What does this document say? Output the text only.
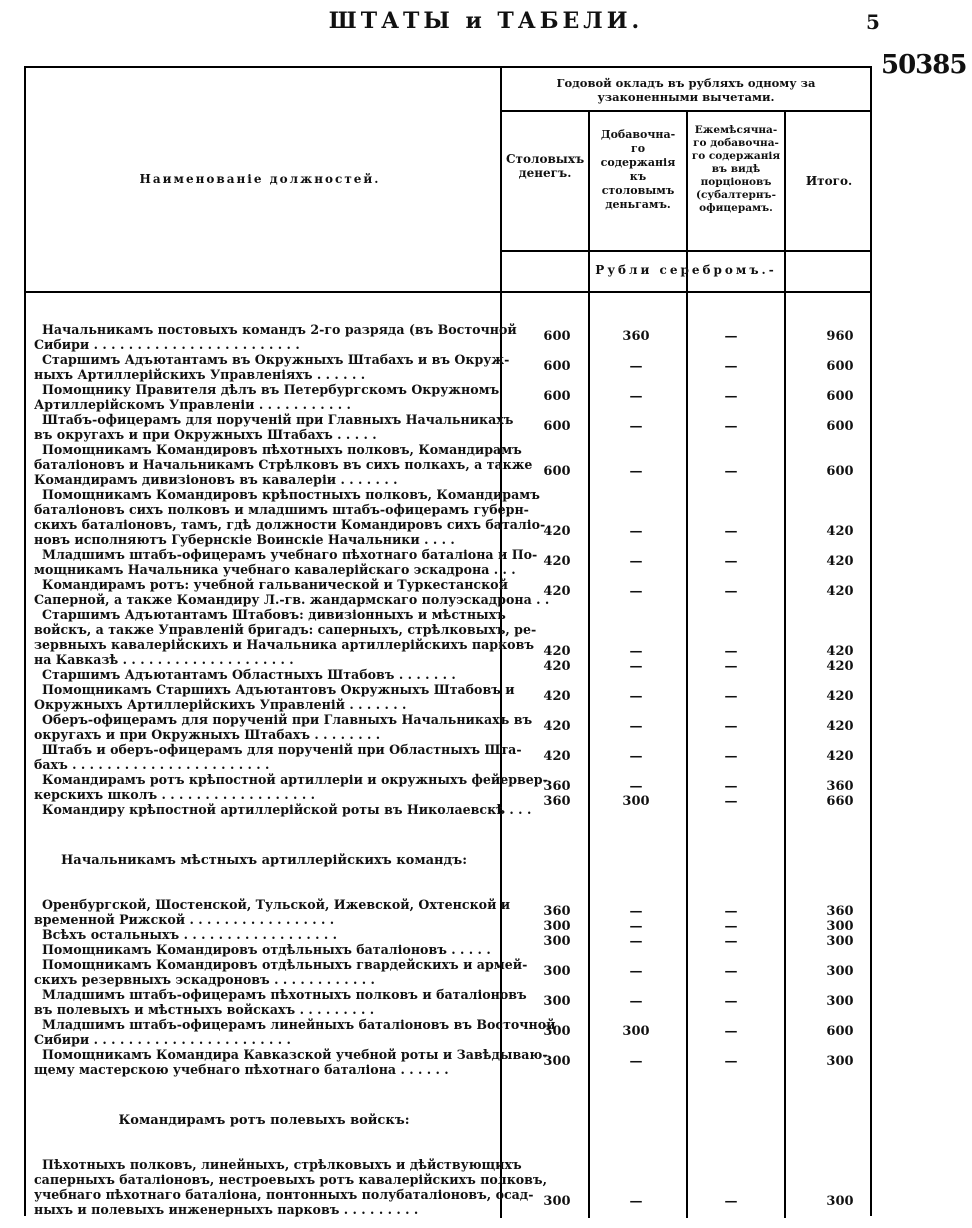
ШТАТЫ и ТАБЕЛИ.	5
50385
Наименованіе должностей.
Годовой окладъ въ рубляхъ одному за узаконенными вычетами.
Столовыхъ денегъ.
Добавочна-го содержанія къ столовымъ деньгамъ.
Ежемѣсячна-го добавочна-го содержанія въ видѣ порціоновъ (субалтернъ-офицерамъ.
Итого.
Рубли серебромъ.-
Начальникамъ постовыхъ командъ 2-го разряда (въ Восточной
Сибири . . . . . . . . . . . . . . . . . . . . . . . .
600	360	—	960
Старшимъ Адъютантамъ въ Окружныхъ Штабахъ и въ Окруж-
ныхъ Артиллерійскихъ Управленіяхъ . . . . . .
600	—	—	600
Помощнику Правителя дѣлъ въ Петербургскомъ Окружномъ
Артиллерійскомъ Управленіи . . . . . . . . . . .
600	—	—	600
Штабъ-офицерамъ для порученій при Главныхъ Начальникахъ
въ округахъ и при Окружныхъ Штабахъ . . . . .
600	—	—	600
Помощникамъ Командировъ пѣхотныхъ полковъ, Командирамъ
баталіоновъ и Начальникамъ Стрѣлковъ въ сихъ полкахъ, а также
Командирамъ дивизіоновъ въ кавалеріи . . . . . . .
600	—	—	600
Помощникамъ Командировъ крѣпостныхъ полковъ, Командирамъ
баталіоновъ сихъ полковъ и младшимъ штабъ-офицерамъ губерн-
скихъ баталіоновъ, тамъ, гдѣ должности Командировъ сихъ баталіо-
новъ исполняютъ Губернскіе Воинскіе Начальники . . . .
420	—	—	420
Младшимъ штабъ-офицерамъ учебнаго пѣхотнаго баталіона и По-
мощникамъ Начальника учебнаго кавалерійскаго эскадрона . . .
420	—	—	420
Командирамъ ротъ: учебной гальванической и Туркестанской
Саперной, а также Командиру Л.-гв. жандармскаго полуэскадрона . .
420	—	—	420
Старшимъ Адъютантамъ Штабовъ: дивизіонныхъ и мѣстныхъ
войскъ, а также Управленій бригадъ: саперныхъ, стрѣлковыхъ, ре-
зервныхъ кавалерійскихъ и Начальника артиллерійскихъ парковъ
на Кавказѣ . . . . . . . . . . . . . . . . . . . .
420	—	—	420
Старшимъ Адъютантамъ Областныхъ Штабовъ . . . . . . .
420	—	—	420
Помощникамъ Старшихъ Адъютантовъ Окружныхъ Штабовъ и
Окружныхъ Артиллерійскихъ Управленій . . . . . . .
420	—	—	420
Оберъ-офицерамъ для порученій при Главныхъ Начальникахъ въ
округахъ и при Окружныхъ Штабахъ . . . . . . . .
420	—	—	420
Штабъ и оберъ-офицерамъ для порученій при Областныхъ Шта-
бахъ . . . . . . . . . . . . . . . . . . . . . . .
420	—	—	420
Командирамъ ротъ крѣпостной артиллеріи и окружныхъ фейервер-
керскихъ школъ . . . . . . . . . . . . . . . . . .
360	—	—	360
Командиру крѣпостной артиллерійской роты въ Николаевскѣ . . .
360	300	—	660
Начальникамъ мѣстныхъ артиллерійскихъ командъ:
Оренбургской, Шостенской, Тульской, Ижевской, Охтенской и
временной Рижской . . . . . . . . . . . . . . . . .
360	—	—	360
Всѣхъ остальныхъ . . . . . . . . . . . . . . . . . .
300	—	—	300
Помощникамъ Командировъ отдѣльныхъ баталіоновъ . . . . .
300	—	—	300
Помощникамъ Командировъ отдѣльныхъ гвардейскихъ и армей-
скихъ резервныхъ эскадроновъ . . . . . . . . . . . .
300	—	—	300
Младшимъ штабъ-офицерамъ пѣхотныхъ полковъ и баталіоновъ
въ полевыхъ и мѣстныхъ войскахъ . . . . . . . . .
300	—	—	300
Младшимъ штабъ-офицерамъ линейныхъ баталіоновъ въ Восточной
Сибири . . . . . . . . . . . . . . . . . . . . . . .
300	300	—	600
Помощникамъ Командира Кавказской учебной роты и Завѣдываю-
щему мастерскою учебнаго пѣхотнаго баталіона . . . . . .
300	—	—	300
Командирамъ ротъ полевыхъ войскъ:
Пѣхотныхъ полковъ, линейныхъ, стрѣлковыхъ и дѣйствующихъ
саперныхъ баталіоновъ, нестроевыхъ ротъ кавалерійскихъ полковъ,
учебнаго пѣхотнаго баталіона, понтонныхъ полубаталіоновъ, осад-
ныхъ и полевыхъ инженерныхъ парковъ . . . . . . . . .
300	—	—	300
